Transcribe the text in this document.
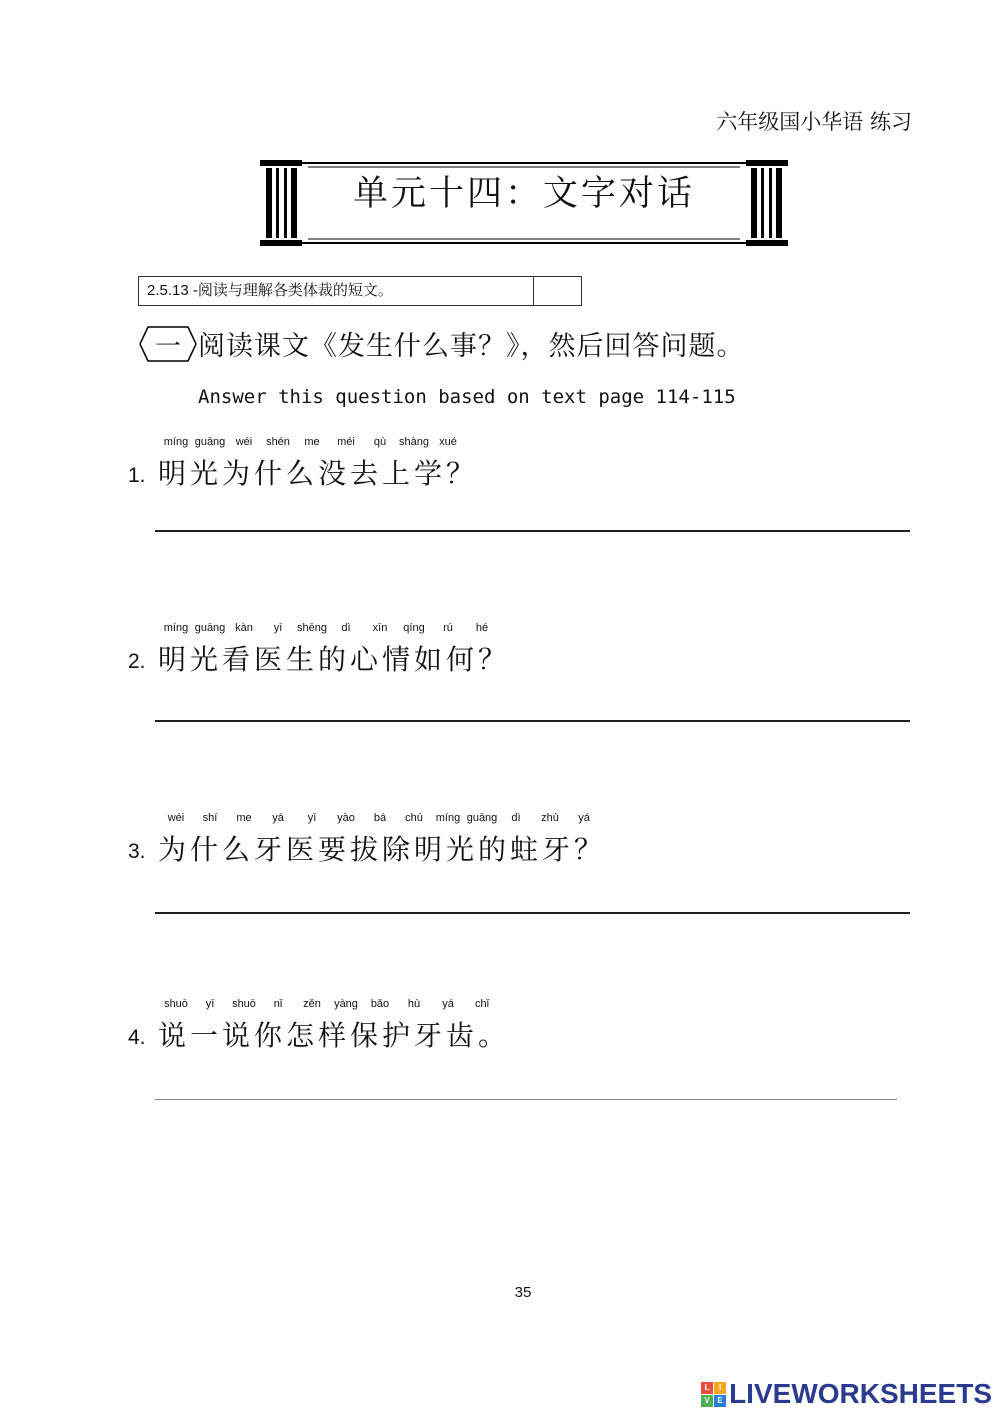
六年级国小华语 练习
单元十四：文字对话
2.5.13 -阅读与理解各类体裁的短文。
一 阅读课文《发生什么事？》，然后回答问题。
Answer this question based on text page 114-115
míng guāng wéi	shén	me	méi	qù	shàng xué
1. 明光为什么没去上学？
míng guāng kàn	yī	shēng	dì	xīn	qíng	rú	hé
2. 明光看医生的心情如何？
wéi	shí	me	yá	yī	yào	bá	chú	míng guāng	dì	zhù	yá
3. 为什么牙医要拔除明光的蛀牙？
shuō	yī	shuō	nǐ	zěn	yàng	bǎo	hù	yá	chǐ
4. 说一说你怎样保护牙齿。
35
L	I
V E LIVEWORKSHEETS
